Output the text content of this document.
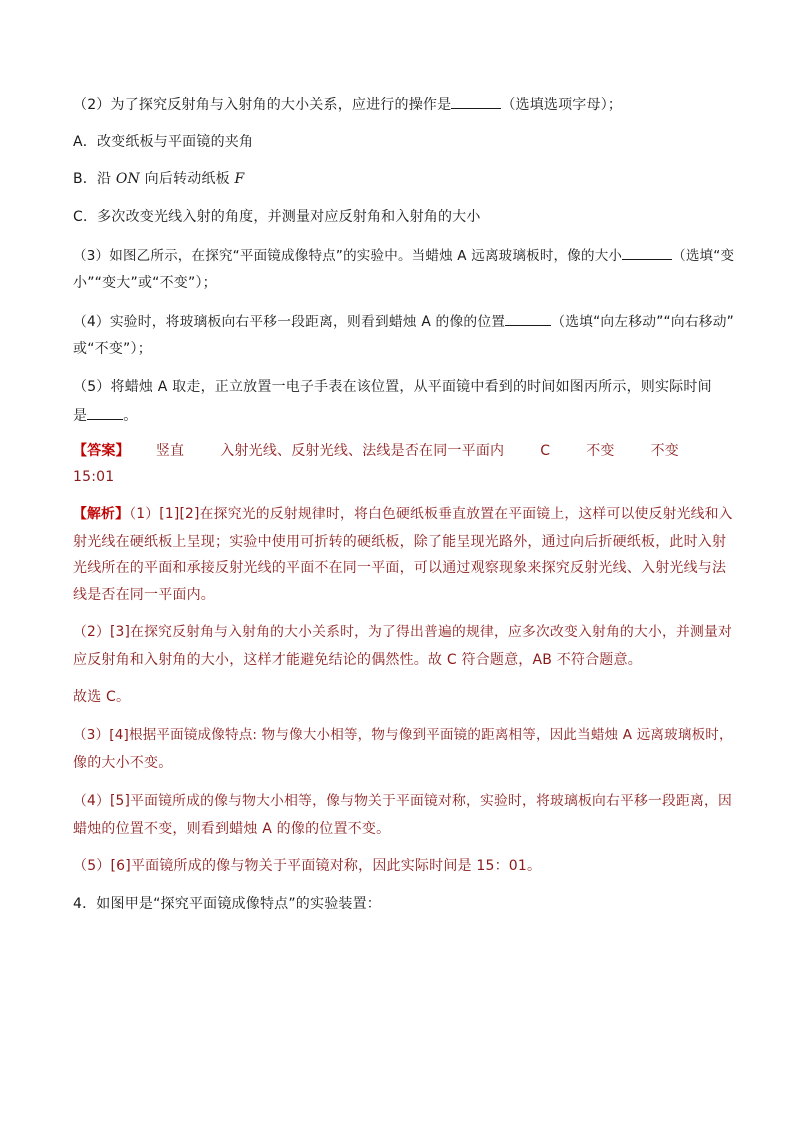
（2）为了探究反射角与入射角的大小关系，应进行的操作是	（选填选项字母）；
A．改变纸板与平面镜的夹角
B．沿 ON 向后转动纸板 F
C．多次改变光线入射的角度，并测量对应反射角和入射角的大小
（3）如图乙所示，在探究“平面镜成像特点”的实验中。当蜡烛 A 远离玻璃板时，像的大小	（选填“变
小”“变大”或“不变”）；
（4）实验时，将玻璃板向右平移一段距离，则看到蜡烛 A 的像的位置	（选填“向左移动”“向右移动”
或“不变”）；
（5）将蜡烛 A 取走，正立放置一电子手表在该位置，从平面镜中看到的时间如图丙所示，则实际时间
是	。
【答案】 竖直	入射光线、反射光线、法线是否在同一平面内	C	不变	不变
15:01
【解析】（1）[1][2]在探究光的反射规律时，将白色硬纸板垂直放置在平面镜上，这样可以使反射光线和入
射光线在硬纸板上呈现；实验中使用可折转的硬纸板，除了能呈现光路外，通过向后折硬纸板，此时入射
光线所在的平面和承接反射光线的平面不在同一平面，可以通过观察现象来探究反射光线、入射光线与法
线是否在同一平面内。
（2）[3]在探究反射角与入射角的大小关系时，为了得出普遍的规律，应多次改变入射角的大小，并测量对
应反射角和入射角的大小，这样才能避免结论的偶然性。故 C 符合题意，AB 不符合题意。
故选 C。
（3）[4]根据平面镜成像特点: 物与像大小相等，物与像到平面镜的距离相等，因此当蜡烛 A 远离玻璃板时，
像的大小不变。
（4）[5]平面镜所成的像与物大小相等，像与物关于平面镜对称，实验时，将玻璃板向右平移一段距离，因
蜡烛的位置不变，则看到蜡烛 A 的像的位置不变。
（5）[6]平面镜所成的像与物关于平面镜对称，因此实际时间是 15：01。
4．如图甲是“探究平面镜成像特点”的实验装置：
